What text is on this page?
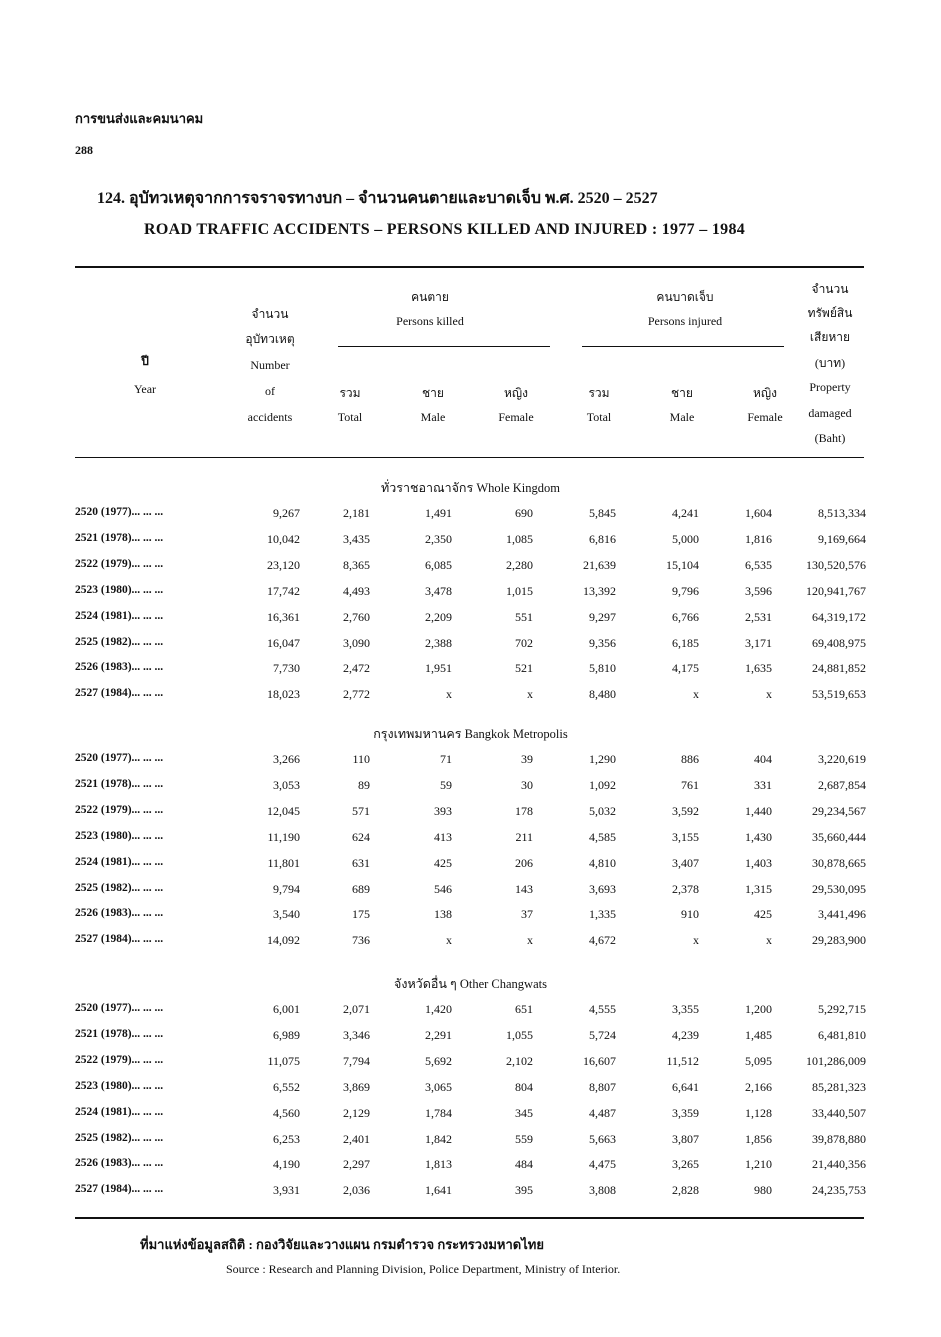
การขนส่งและคมนาคม
288
124. อุบัทวเหตุจากการจราจรทางบก – จำนวนคนตายและบาดเจ็บ พ.ศ. 2520 – 2527
ROAD TRAFFIC ACCIDENTS – PERSONS KILLED AND INJURED : 1977 – 1984
ปี
Year
จำนวน
อุบัทวเหตุ
Number
of
accidents
คนตาย
Persons killed
คนบาดเจ็บ
Persons injured
รวม
Total
ชาย
Male
หญิง
Female
รวม
Total
ชาย
Male
หญิง
Female
จำนวน
ทรัพย์สิน
เสียหาย
(บาท)
Property
damaged
(Baht)
ทั่วราชอาณาจักร Whole Kingdom
2520 (1977)... ... ...	9,267	2,181	1,491	690	5,845	4,241	1,604	8,513,334
2521 (1978)... ... ...	10,042	3,435	2,350	1,085	6,816	5,000	1,816	9,169,664
2522 (1979)... ... ...	23,120	8,365	6,085	2,280	21,639	15,104	6,535	130,520,576
2523 (1980)... ... ...	17,742	4,493	3,478	1,015	13,392	9,796	3,596	120,941,767
2524 (1981)... ... ...	16,361	2,760	2,209	551	9,297	6,766	2,531	64,319,172
2525 (1982)... ... ...	16,047	3,090	2,388	702	9,356	6,185	3,171	69,408,975
2526 (1983)... ... ...	7,730	2,472	1,951	521	5,810	4,175	1,635	24,881,852
2527 (1984)... ... ...	18,023	2,772	x	x	8,480	x	x	53,519,653
กรุงเทพมหานคร Bangkok Metropolis
2520 (1977)... ... ...	3,266	110	71	39	1,290	886	404	3,220,619
2521 (1978)... ... ...	3,053	89	59	30	1,092	761	331	2,687,854
2522 (1979)... ... ...	12,045	571	393	178	5,032	3,592	1,440	29,234,567
2523 (1980)... ... ...	11,190	624	413	211	4,585	3,155	1,430	35,660,444
2524 (1981)... ... ...	11,801	631	425	206	4,810	3,407	1,403	30,878,665
2525 (1982)... ... ...	9,794	689	546	143	3,693	2,378	1,315	29,530,095
2526 (1983)... ... ...	3,540	175	138	37	1,335	910	425	3,441,496
2527 (1984)... ... ...	14,092	736	x	x	4,672	x	x	29,283,900
จังหวัดอื่น ๆ Other Changwats
2520 (1977)... ... ...	6,001	2,071	1,420	651	4,555	3,355	1,200	5,292,715
2521 (1978)... ... ...	6,989	3,346	2,291	1,055	5,724	4,239	1,485	6,481,810
2522 (1979)... ... ...	11,075	7,794	5,692	2,102	16,607	11,512	5,095	101,286,009
2523 (1980)... ... ...	6,552	3,869	3,065	804	8,807	6,641	2,166	85,281,323
2524 (1981)... ... ...	4,560	2,129	1,784	345	4,487	3,359	1,128	33,440,507
2525 (1982)... ... ...	6,253	2,401	1,842	559	5,663	3,807	1,856	39,878,880
2526 (1983)... ... ...	4,190	2,297	1,813	484	4,475	3,265	1,210	21,440,356
2527 (1984)... ... ...	3,931	2,036	1,641	395	3,808	2,828	980	24,235,753
ที่มาแห่งข้อมูลสถิติ : กองวิจัยและวางแผน กรมตำรวจ กระทรวงมหาดไทย
Source : Research and Planning Division, Police Department, Ministry of Interior.
